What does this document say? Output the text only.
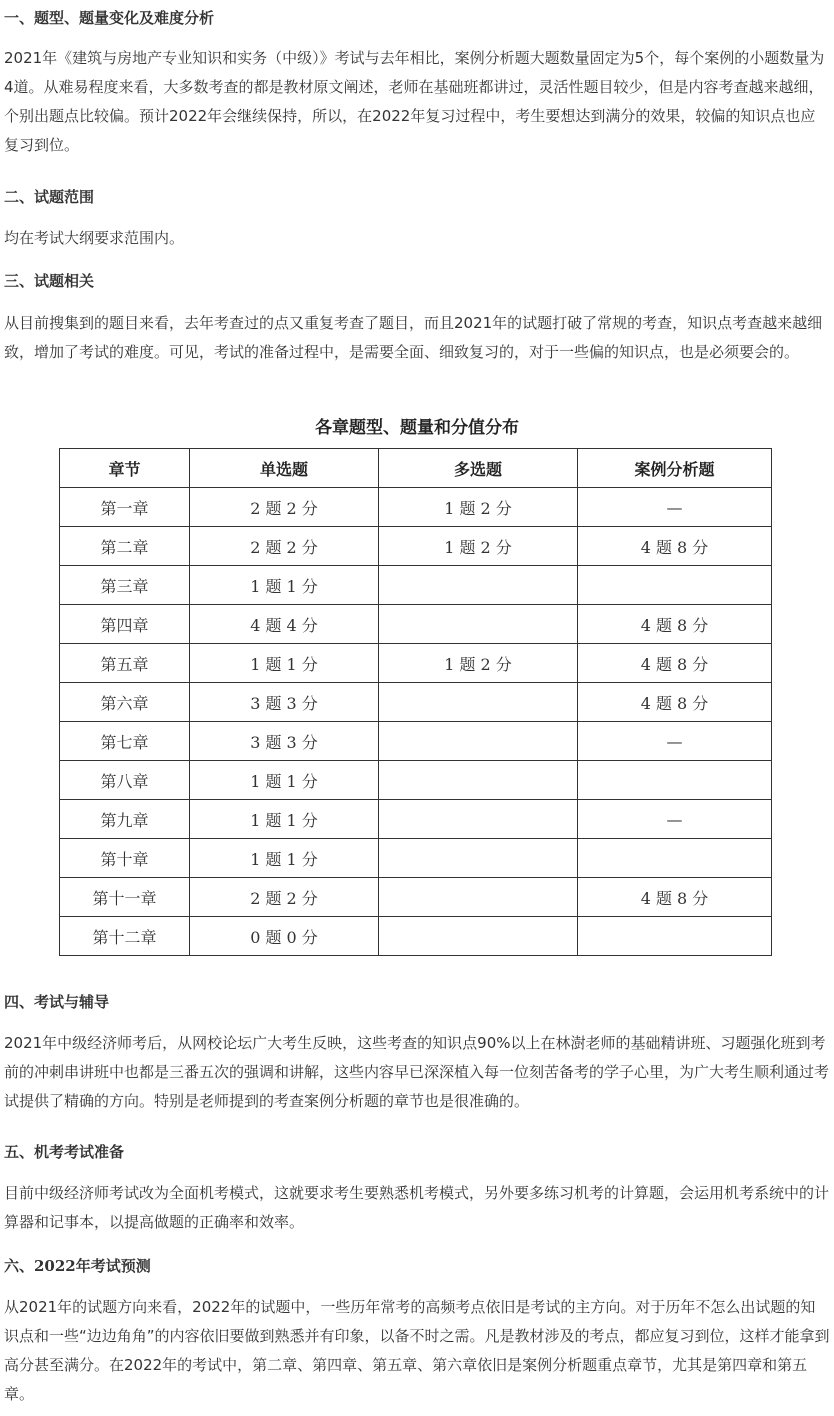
一、题型、题量变化及难度分析

2021年《建筑与房地产专业知识和实务（中级）》考试与去年相比，案例分析题大题数量固定为5个，每个案例的小题数量为4道。从难易程度来看，大多数考查的都是教材原文阐述，老师在基础班都讲过，灵活性题目较少，但是内容考查越来越细，个别出题点比较偏。预计2022年会继续保持，所以，在2022年复习过程中，考生要想达到满分的效果，较偏的知识点也应复习到位。

二、试题范围

均在考试大纲要求范围内。

三、试题相关

从目前搜集到的题目来看，去年考查过的点又重复考查了题目，而且2021年的试题打破了常规的考查，知识点考查越来越细致，增加了考试的难度。可见，考试的准备过程中，是需要全面、细致复习的，对于一些偏的知识点，也是必须要会的。

各章题型、题量和分值分布
章节	单选题	多选题	案例分析题
第一章	2 题 2 分	1 题 2 分	—
第二章	2 题 2 分	1 题 2 分	4 题 8 分
第三章	1 题 1 分		
第四章	4 题 4 分		4 题 8 分
第五章	1 题 1 分	1 题 2 分	4 题 8 分
第六章	3 题 3 分		4 题 8 分
第七章	3 题 3 分		—
第八章	1 题 1 分		
第九章	1 题 1 分		—
第十章	1 题 1 分		
第十一章	2 题 2 分		4 题 8 分
第十二章	0 题 0 分		
四、考试与辅导

2021年中级经济师考后，从网校论坛广大考生反映，这些考查的知识点90%以上在林澍老师的基础精讲班、习题强化班到考前的冲刺串讲班中也都是三番五次的强调和讲解，这些内容早已深深植入每一位刻苦备考的学子心里，为广大考生顺利通过考试提供了精确的方向。特别是老师提到的考查案例分析题的章节也是很准确的。

五、机考考试准备

目前中级经济师考试改为全面机考模式，这就要求考生要熟悉机考模式，另外要多练习机考的计算题，会运用机考系统中的计算器和记事本，以提高做题的正确率和效率。

六、2022年考试预测

从2021年的试题方向来看，2022年的试题中，一些历年常考的高频考点依旧是考试的主方向。对于历年不怎么出试题的知识点和一些“边边角角”的内容依旧要做到熟悉并有印象，以备不时之需。凡是教材涉及的考点，都应复习到位，这样才能拿到高分甚至满分。在2022年的考试中，第二章、第四章、第五章、第六章依旧是案例分析题重点章节，尤其是第四章和第五章。
